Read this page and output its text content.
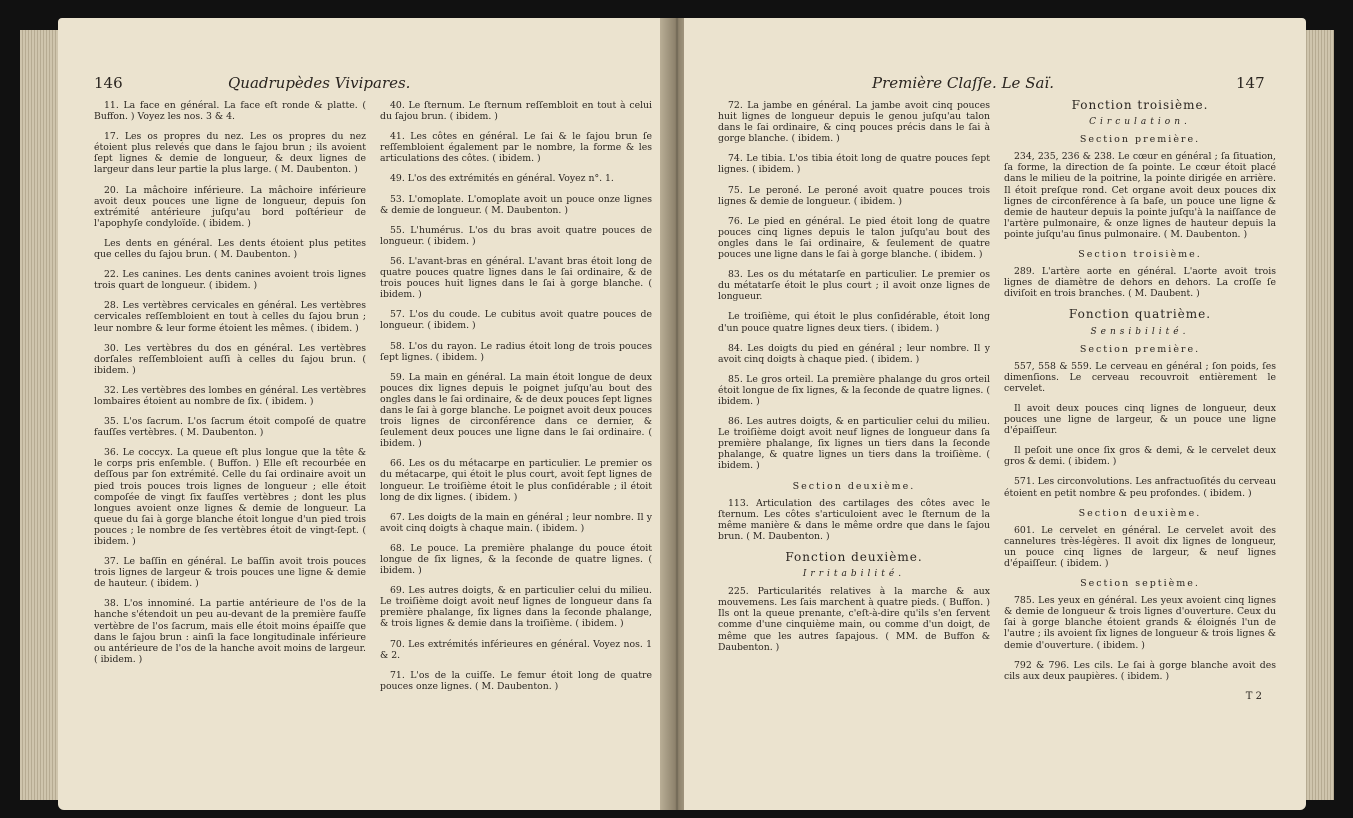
146	Quadrupèdes Vivipares.

11. La face en général. La face eſt ronde & platte. ( Buffon. ) Voyez les nos. 3 & 4.

17. Les os propres du nez. Les os propres du nez étoient plus relevés que dans le ſajou brun ; ils avoient ſept lignes & demie de longueur, & deux lignes de largeur dans leur partie la plus large. ( M. Daubenton. )

20. La mâchoire inférieure. La mâchoire inférieure avoit deux pouces une ligne de longueur, depuis ſon extrémité antérieure juſqu'au bord poſtérieur de l'apophyſe condyloïde. ( ibidem. )

Les dents en général. Les dents étoient plus petites que celles du ſajou brun. ( M. Daubenton. )

22. Les canines. Les dents canines avoient trois lignes trois quart de longueur. ( ibidem. )

28. Les vertèbres cervicales en général. Les vertèbres cervicales reſſembloient en tout à celles du ſajou brun ; leur nombre & leur forme étoient les mêmes. ( ibidem. )

30. Les vertèbres du dos en général. Les vertèbres dorſales reſſembloient auſſi à celles du ſajou brun. ( ibidem. )

32. Les vertèbres des lombes en général. Les vertèbres lombaires étoient au nombre de ſix. ( ibidem. )

35. L'os ſacrum. L'os ſacrum étoit compoſé de quatre fauſſes vertèbres. ( M. Daubenton. )

36. Le coccyx. La queue eſt plus longue que la tête & le corps pris enſemble. ( Buffon. ) Elle eſt recourbée en deſſous par ſon extrémité. Celle du ſai ordinaire avoit un pied trois pouces trois lignes de longueur ; elle étoit compoſée de vingt ſix fauſſes vertèbres ; dont les plus longues avoient onze lignes & demie de longueur. La queue du ſai à gorge blanche étoit longue d'un pied trois pouces ; le nombre de ſes vertèbres étoit de vingt-ſept. ( ibidem. )

37. Le baſſin en général. Le baſſin avoit trois pouces trois lignes de largeur & trois pouces une ligne & demie de hauteur. ( ibidem. )

38. L'os innominé. La partie antérieure de l'os de la hanche s'étendoit un peu au-devant de la première fauſſe vertèbre de l'os ſacrum, mais elle étoit moins épaiſſe que dans le ſajou brun : ainſi la face longitudinale inférieure ou antérieure de l'os de la hanche avoit moins de largeur. ( ibidem. )

40. Le ſternum. Le ſternum reſſembloit en tout à celui du ſajou brun. ( ibidem. )

41. Les côtes en général. Le ſai & le ſajou brun ſe reſſembloient également par le nombre, la forme & les articulations des côtes. ( ibidem. )

49. L'os des extrémités en général. Voyez n°. 1.

53. L'omoplate. L'omoplate avoit un pouce onze lignes & demie de longueur. ( M. Daubenton. )

55. L'humérus. L'os du bras avoit quatre pouces de longueur. ( ibidem. )

56. L'avant-bras en général. L'avant bras étoit long de quatre pouces quatre lignes dans le ſai ordinaire, & de trois pouces huit lignes dans le ſai à gorge blanche. ( ibidem. )

57. L'os du coude. Le cubitus avoit quatre pouces de longueur. ( ibidem. )

58. L'os du rayon. Le radius étoit long de trois pouces ſept lignes. ( ibidem. )

59. La main en général. La main étoit longue de deux pouces dix lignes depuis le poignet juſqu'au bout des ongles dans le ſai ordinaire, & de deux pouces ſept lignes dans le ſai à gorge blanche. Le poignet avoit deux pouces trois lignes de circonférence dans ce dernier, & ſeulement deux pouces une ligne dans le ſai ordinaire. ( ibidem. )

66. Les os du métacarpe en particulier. Le premier os du métacarpe, qui étoit le plus court, avoit ſept lignes de longueur. Le troiſième étoit le plus conſidérable ; il étoit long de dix lignes. ( ibidem. )

67. Les doigts de la main en général ; leur nombre. Il y avoit cinq doigts à chaque main. ( ibidem. )

68. Le pouce. La première phalange du pouce étoit longue de ſix lignes, & la ſeconde de quatre lignes. ( ibidem. )

69. Les autres doigts, & en particulier celui du milieu. Le troiſième doigt avoit neuf lignes de longueur dans ſa première phalange, ſix lignes dans la ſeconde phalange, & trois lignes & demie dans la troiſième. ( ibidem. )

70. Les extrémités inférieures en général. Voyez nos. 1 & 2.

71. L'os de la cuiſſe. Le femur étoit long de quatre pouces onze lignes. ( M. Daubenton. )

Première Claſſe. Le Saï.	147

72. La jambe en général. La jambe avoit cinq pouces huit lignes de longueur depuis le genou juſqu'au talon dans le ſai ordinaire, & cinq pouces précis dans le ſai à gorge blanche. ( ibidem. )

74. Le tibia. L'os tibia étoit long de quatre pouces ſept lignes. ( ibidem. )

75. Le peroné. Le peroné avoit quatre pouces trois lignes & demie de longueur. ( ibidem. )

76. Le pied en général. Le pied étoit long de quatre pouces cinq lignes depuis le talon juſqu'au bout des ongles dans le ſai ordinaire, & ſeulement de quatre pouces une ligne dans le ſai à gorge blanche. ( ibidem. )

83. Les os du métatarſe en particulier. Le premier os du métatarſe étoit le plus court ; il avoit onze lignes de longueur.

Le troiſième, qui étoit le plus conſidérable, étoit long d'un pouce quatre lignes deux tiers. ( ibidem. )

84. Les doigts du pied en général ; leur nombre. Il y avoit cinq doigts à chaque pied. ( ibidem. )

85. Le gros orteil. La première phalange du gros orteil étoit longue de ſix lignes, & la ſeconde de quatre lignes. ( ibidem. )

86. Les autres doigts, & en particulier celui du milieu. Le troiſième doigt avoit neuf lignes de longueur dans ſa première phalange, ſix lignes un tiers dans la ſeconde phalange, & quatre lignes un tiers dans la troiſième. ( ibidem. )

Section deuxième.

113. Articulation des cartilages des côtes avec le ſternum. Les côtes s'articuloient avec le ſternum de la même manière & dans le même ordre que dans le ſajou brun. ( M. Daubenton. )

Fonction deuxième.
Irritabilité.

225. Particularités relatives à la marche & aux mouvemens. Les ſais marchent à quatre pieds. ( Buffon. ) Ils ont la queue prenante, c'eſt-à-dire qu'ils s'en ſervent comme d'une cinquième main, ou comme d'un doigt, de même que les autres ſapajous. ( MM. de Buffon & Daubenton. )

Fonction troisième.
Circulation.
Section première.

234, 235, 236 & 238. Le cœur en général ; ſa ſituation, ſa forme, la direction de ſa pointe. Le cœur étoit placé dans le milieu de la poitrine, la pointe dirigée en arrière. Il étoit preſque rond. Cet organe avoit deux pouces dix lignes de circonférence à ſa baſe, un pouce une ligne & demie de hauteur depuis la pointe juſqu'à la naiſſance de l'artère pulmonaire, & onze lignes de hauteur depuis la pointe juſqu'au ſinus pulmonaire. ( M. Daubenton. )

Section troisième.

289. L'artère aorte en général. L'aorte avoit trois lignes de diamètre de dehors en dehors. La croſſe ſe diviſoit en trois branches. ( M. Daubent. )

Fonction quatrième.
Sensibilité.
Section première.

557, 558 & 559. Le cerveau en général ; ſon poids, ſes dimenſions. Le cerveau recouvroit entièrement le cervelet.

Il avoit deux pouces cinq lignes de longueur, deux pouces une ligne de largeur, & un pouce une ligne d'épaiſſeur.

Il peſoit une once ſix gros & demi, & le cervelet deux gros & demi. ( ibidem. )

571. Les circonvolutions. Les anfractuoſités du cerveau étoient en petit nombre & peu profondes. ( ibidem. )

Section deuxième.

601. Le cervelet en général. Le cervelet avoit des cannelures très-légères. Il avoit dix lignes de longueur, un pouce cinq lignes de largeur, & neuf lignes d'épaiſſeur. ( ibidem. )

Section septième.

785. Les yeux en général. Les yeux avoient cinq lignes & demie de longueur & trois lignes d'ouverture. Ceux du ſai à gorge blanche étoient grands & éloignés l'un de l'autre ; ils avoient ſix lignes de longueur & trois lignes & demie d'ouverture. ( ibidem. )

792 & 796. Les cils. Le ſai à gorge blanche avoit des cils aux deux paupières. ( ibidem. )

T 2
